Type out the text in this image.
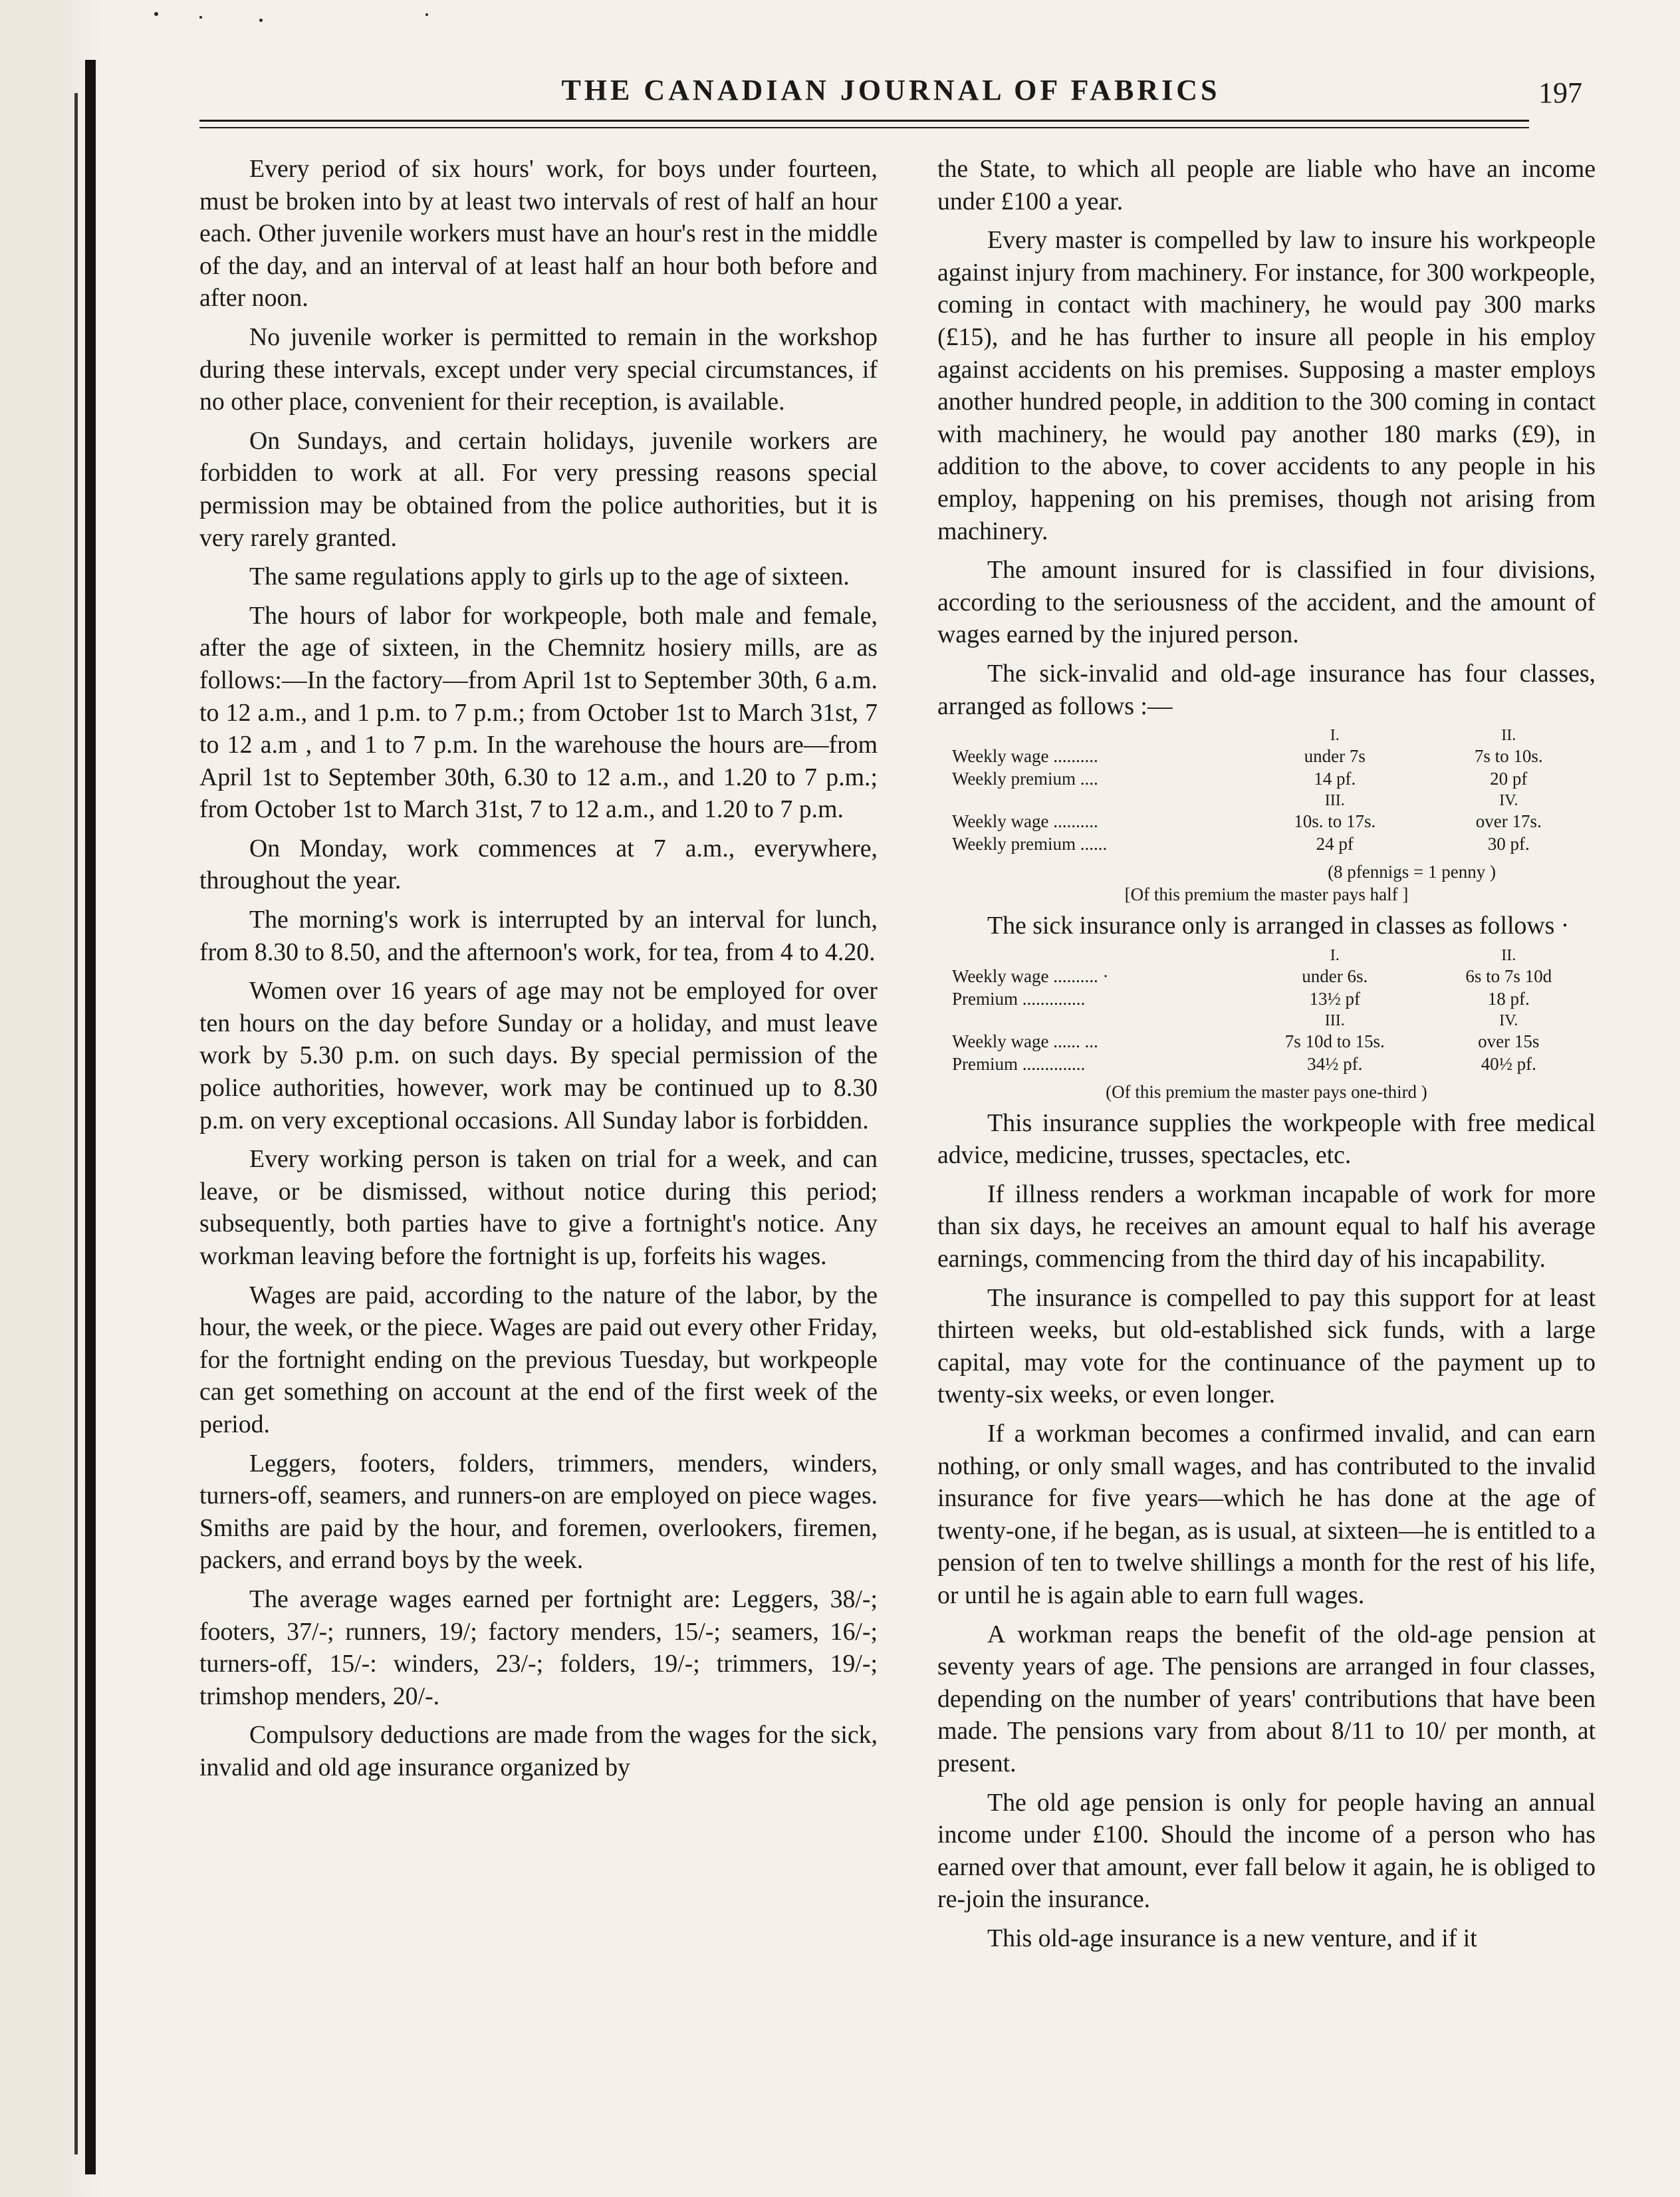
THE CANADIAN JOURNAL OF FABRICS	197

Every period of six hours' work, for boys under fourteen, must be broken into by at least two intervals of rest of half an hour each. Other juvenile workers must have an hour's rest in the middle of the day, and an interval of at least half an hour both before and after noon.

No juvenile worker is permitted to remain in the workshop during these intervals, except under very special circumstances, if no other place, convenient for their reception, is available.

On Sundays, and certain holidays, juvenile workers are forbidden to work at all. For very pressing reasons special permission may be obtained from the police authorities, but it is very rarely granted.

The same regulations apply to girls up to the age of sixteen.

The hours of labor for workpeople, both male and female, after the age of sixteen, in the Chemnitz hosiery mills, are as follows:—In the factory—from April 1st to September 30th, 6 a.m. to 12 a.m., and 1 p.m. to 7 p.m.; from October 1st to March 31st, 7 to 12 a.m , and 1 to 7 p.m. In the warehouse the hours are—from April 1st to September 30th, 6.30 to 12 a.m., and 1.20 to 7 p.m.; from October 1st to March 31st, 7 to 12 a.m., and 1.20 to 7 p.m.

On Monday, work commences at 7 a.m., everywhere, throughout the year.

The morning's work is interrupted by an interval for lunch, from 8.30 to 8.50, and the afternoon's work, for tea, from 4 to 4.20.

Women over 16 years of age may not be employed for over ten hours on the day before Sunday or a holiday, and must leave work by 5.30 p.m. on such days. By special permission of the police authorities, however, work may be continued up to 8.30 p.m. on very exceptional occasions. All Sunday labor is forbidden.

Every working person is taken on trial for a week, and can leave, or be dismissed, without notice during this period; subsequently, both parties have to give a fortnight's notice. Any workman leaving before the fortnight is up, forfeits his wages.

Wages are paid, according to the nature of the labor, by the hour, the week, or the piece. Wages are paid out every other Friday, for the fortnight ending on the previous Tuesday, but workpeople can get something on account at the end of the first week of the period.

Leggers, footers, folders, trimmers, menders, winders, turners-off, seamers, and runners-on are employed on piece wages. Smiths are paid by the hour, and foremen, overlookers, firemen, packers, and errand boys by the week.

The average wages earned per fortnight are: Leggers, 38/-; footers, 37/-; runners, 19/; factory menders, 15/-; seamers, 16/-; turners-off, 15/-: winders, 23/-; folders, 19/-; trimmers, 19/-; trimshop menders, 20/-.

Compulsory deductions are made from the wages for the sick, invalid and old age insurance organized by

the State, to which all people are liable who have an income under £100 a year.

Every master is compelled by law to insure his workpeople against injury from machinery. For instance, for 300 workpeople, coming in contact with machinery, he would pay 300 marks (£15), and he has further to insure all people in his employ against accidents on his premises. Supposing a master employs another hundred people, in addition to the 300 coming in contact with machinery, he would pay another 180 marks (£9), in addition to the above, to cover accidents to any people in his employ, happening on his premises, though not arising from machinery.

The amount insured for is classified in four divisions, according to the seriousness of the accident, and the amount of wages earned by the injured person.

The sick-invalid and old-age insurance has four classes, arranged as follows :—

	I.	II.
Weekly wage ..........	under 7s	7s to 10s.
Weekly premium ....	14 pf.	20 pf
	III.	IV.
Weekly wage ..........	10s. to 17s.	over 17s.
Weekly premium ......	24 pf	30 pf.
(8 pfennigs = 1 penny )
[Of this premium the master pays half ]

The sick insurance only is arranged in classes as follows ·

	I.	II.
Weekly wage .......... ·	under 6s.	6s to 7s 10d
Premium ..............	13½ pf	18 pf.
	III.	IV.
Weekly wage ...... ...	7s 10d to 15s.	over 15s
Premium ..............	34½ pf.	40½ pf.
(Of this premium the master pays one-third )

This insurance supplies the workpeople with free medical advice, medicine, trusses, spectacles, etc.

If illness renders a workman incapable of work for more than six days, he receives an amount equal to half his average earnings, commencing from the third day of his incapability.

The insurance is compelled to pay this support for at least thirteen weeks, but old-established sick funds, with a large capital, may vote for the continuance of the payment up to twenty-six weeks, or even longer.

If a workman becomes a confirmed invalid, and can earn nothing, or only small wages, and has contributed to the invalid insurance for five years—which he has done at the age of twenty-one, if he began, as is usual, at sixteen—he is entitled to a pension of ten to twelve shillings a month for the rest of his life, or until he is again able to earn full wages.

A workman reaps the benefit of the old-age pension at seventy years of age. The pensions are arranged in four classes, depending on the number of years' contributions that have been made. The pensions vary from about 8/11 to 10/ per month, at present.

The old age pension is only for people having an annual income under £100. Should the income of a person who has earned over that amount, ever fall below it again, he is obliged to re-join the insurance.

This old-age insurance is a new venture, and if it
